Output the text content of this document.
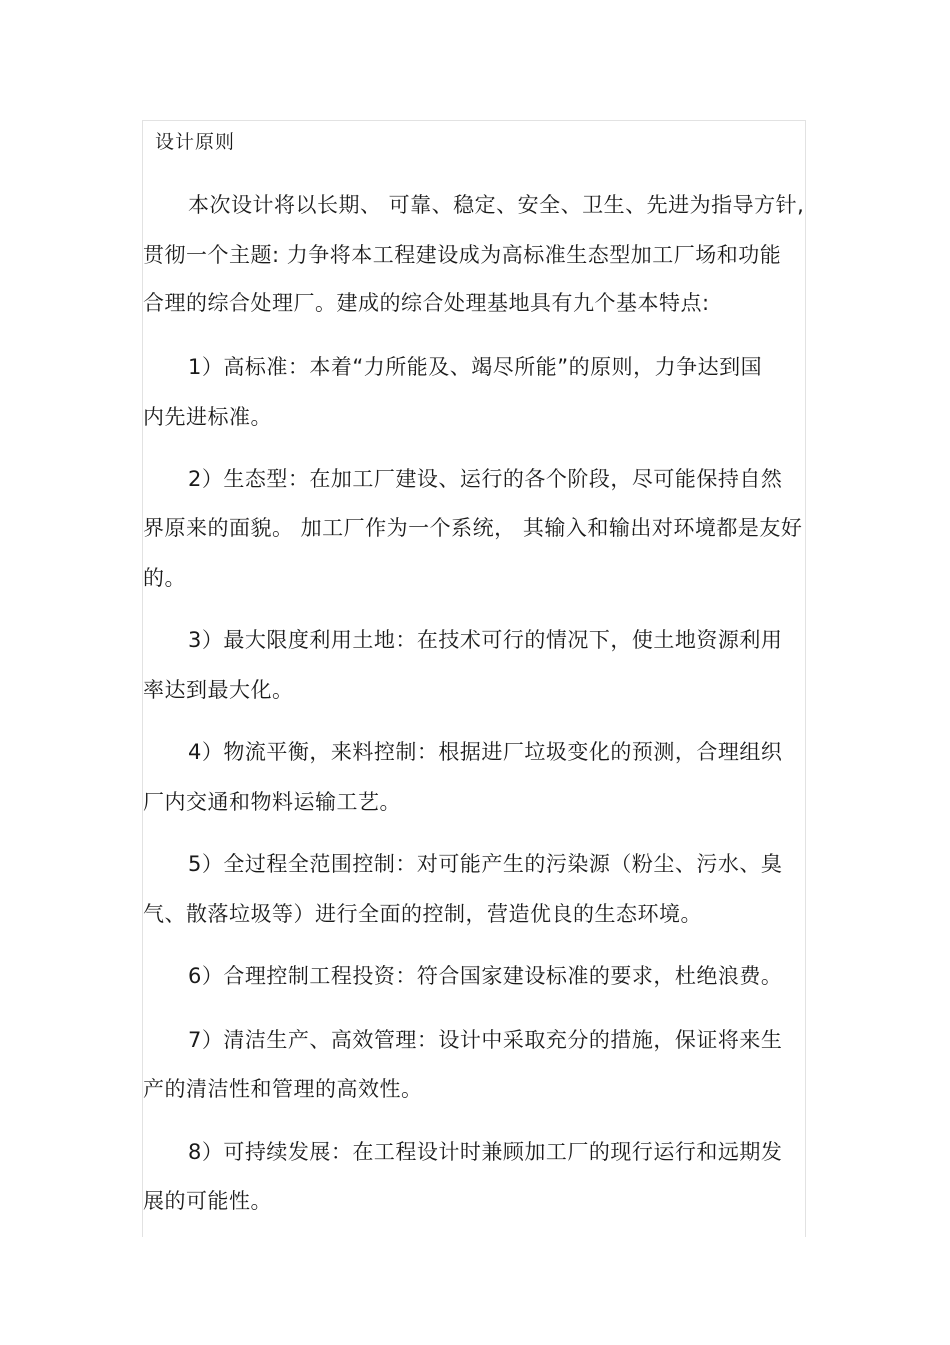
设计原则
本次设计将以长期、 可靠、稳定、安全、卫生、先进为指导方针,
贯彻一个主题: 力争将本工程建设成为高标准生态型加工厂场和功能
合理的综合处理厂。建成的综合处理基地具有九个基本特点:
1）高标准：本着“力所能及、竭尽所能”的原则，力争达到国
内先进标准。
2）生态型：在加工厂建设、运行的各个阶段，尽可能保持自然
界原来的面貌。 加工厂作为一个系统， 其输入和输出对环境都是友好
的。
3）最大限度利用土地：在技术可行的情况下，使土地资源利用
率达到最大化。
4）物流平衡，来料控制：根据进厂垃圾变化的预测，合理组织
厂内交通和物料运输工艺。
5）全过程全范围控制：对可能产生的污染源（粉尘、污水、臭
气、散落垃圾等）进行全面的控制，营造优良的生态环境。
6）合理控制工程投资：符合国家建设标准的要求，杜绝浪费。
7）清洁生产、高效管理：设计中采取充分的措施，保证将来生
产的清洁性和管理的高效性。
8）可持续发展：在工程设计时兼顾加工厂的现行运行和远期发
展的可能性。
